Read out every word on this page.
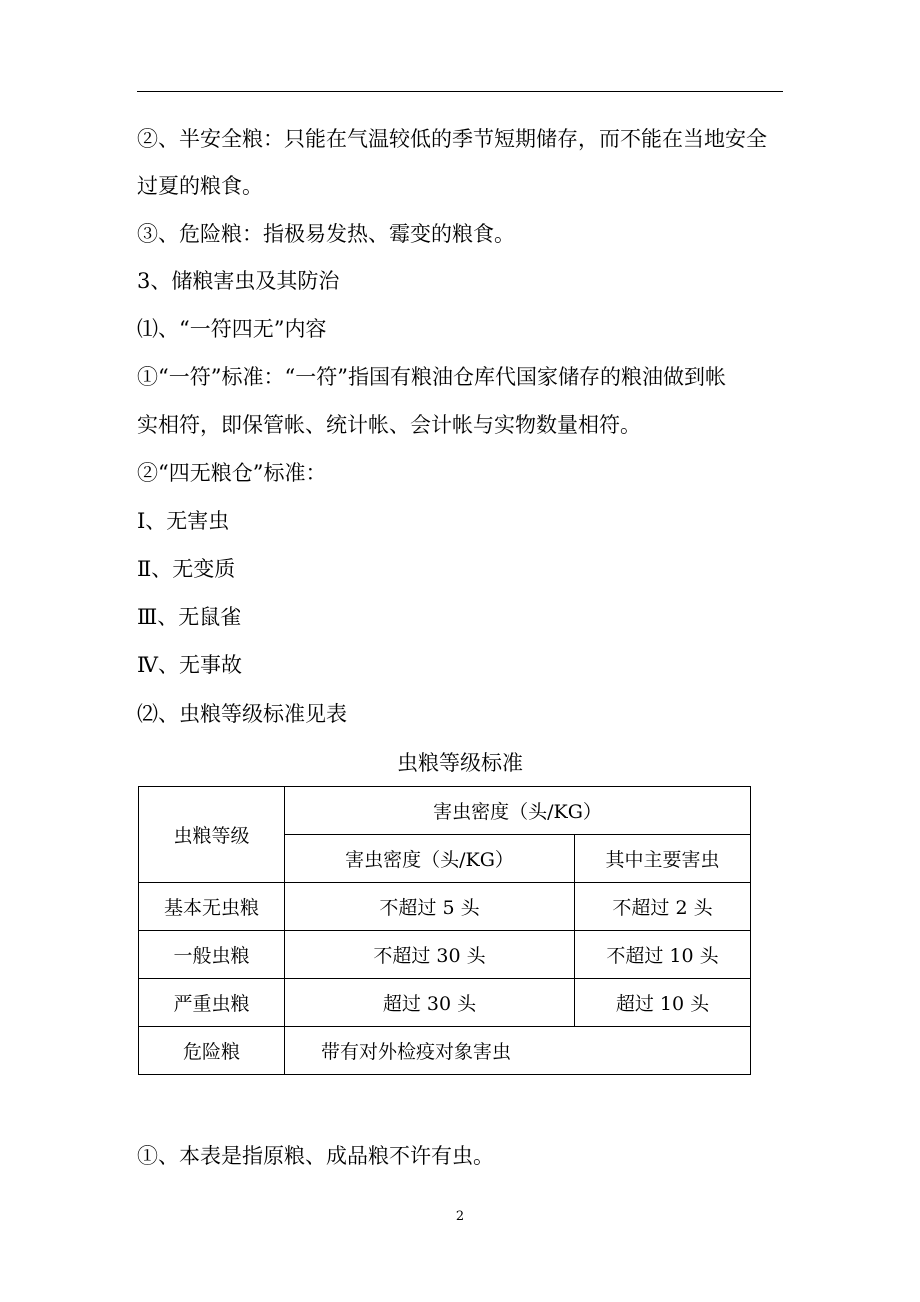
②、半安全粮：只能在气温较低的季节短期储存，而不能在当地安全
过夏的粮食。
③、危险粮：指极易发热、霉变的粮食。
3、储粮害虫及其防治
⑴、“一符四无”内容
①“一符”标准：“一符”指国有粮油仓库代国家储存的粮油做到帐
实相符，即保管帐、统计帐、会计帐与实物数量相符。
②“四无粮仓”标准：
Ⅰ、无害虫
Ⅱ、无变质
Ⅲ、无鼠雀
Ⅳ、无事故
⑵、虫粮等级标准见表
虫粮等级标准
虫粮等级	害虫密度（头/KG）	
	害虫密度（头/KG）	其中主要害虫
基本无虫粮	不超过 5 头	不超过 2 头
一般虫粮	不超过 30 头	不超过 10 头
严重虫粮	超过 30 头	超过 10 头
危险粮	带有对外检疫对象害虫	
①、本表是指原粮、成品粮不许有虫。
2
